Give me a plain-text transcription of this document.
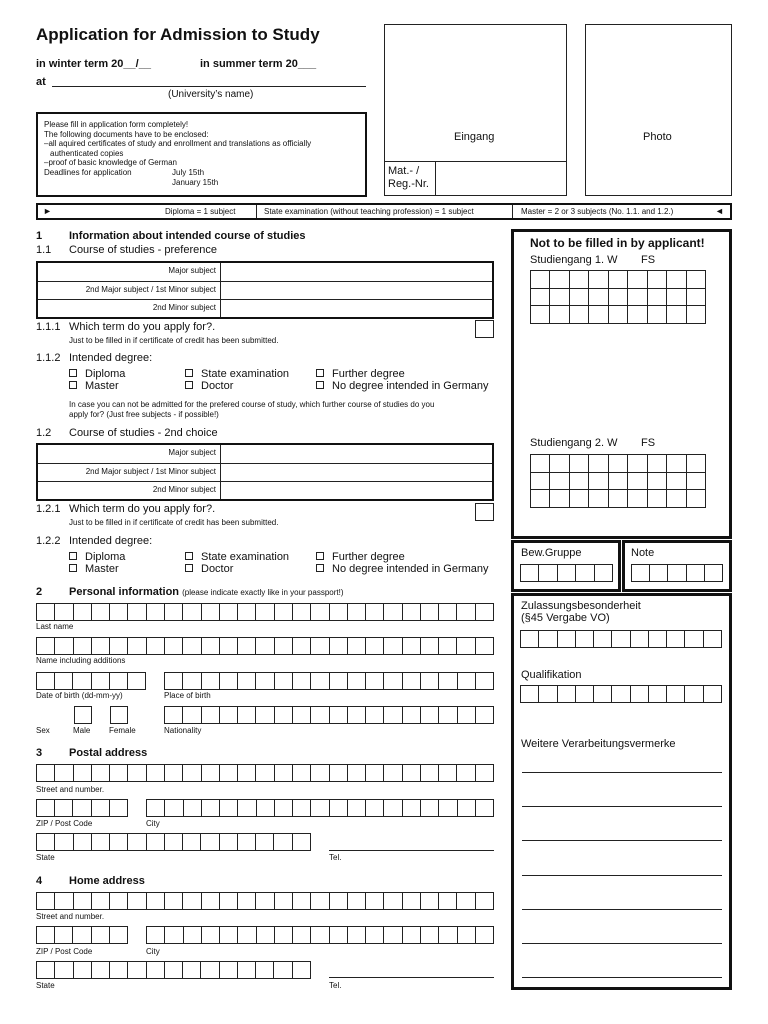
Application for Admission to Study
in winter term 20__/__	in summer term 20___
at
(University’s name)
Please fill in application form completely!
The following documents have to be enclosed:
–all aquired certificates of study and enrollment and translations as officially
authenticated copies
–proof of basic knowledge of German
Deadlines for application	July 15th
January 15th
Eingang
Mat.- /
Reg.-Nr.
Photo
►	Diploma = 1 subject	State examination (without teaching profession) = 1 subject	Master = 2 or 3 subjects (No. 1.1. and 1.2.)	◄
1 Information about intended course of studies
1.1 Course of studies - preference
Major subject
2nd Major subject / 1st Minor subject
2nd Minor subject
1.1.1 Which term do you apply for?.
Just to be filled in if certificate of credit has been submitted.
1.1.2 Intended degree:
Diploma
Master
State examination
Doctor
Further degree
No degree intended in Germany
In case you can not be admitted for the prefered course of study, which further course of studies do you
apply for? (Just free subjects - if possible!)
1.2 Course of studies - 2nd choice
Major subject
2nd Major subject / 1st Minor subject
2nd Minor subject
1.2.1 Which term do you apply for?.
Just to be filled in if certificate of credit has been submitted.
1.2.2 Intended degree:
Diploma
Master
State examination
Doctor
Further degree
No degree intended in Germany
2 Personal information (please indicate exactly like in your passport!)
Last name
Name including additions
Date of birth (dd-mm-yy)	Place of birth
Sex	Male Female	Nationality
3 Postal address
Street and number.
ZIP / Post Code	City
State	Tel.
4 Home address
Street and number.
ZIP / Post Code	City
State	Tel.
Not to be filled in by applicant!
Studiengang 1. W FS
Studiengang 2. W FS
Bew.Gruppe	Note
Zulassungsbesonderheit
(§45 Vergabe VO)
Qualifikation
Weitere Verarbeitungsvermerke
